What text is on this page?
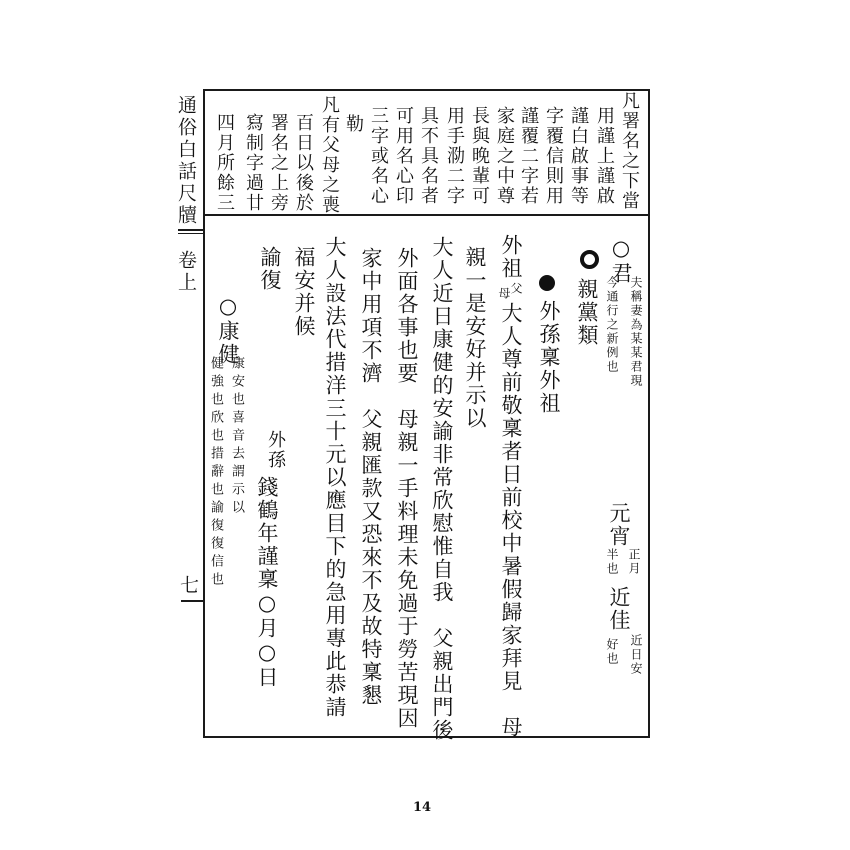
通俗白話尺牘
卷上
七
凡署名之下當
用謹上謹啟
謹白啟事等
字覆信則用
謹覆二字若
家庭之中尊
長與晚輩可
用手泐二字
具不具名者
可用名心印
三字或名心
勒
凡有父母之喪
百日以後於
署名之上旁
寫制字過廿
四月所餘三
○君
夫稱妻為某某君現
今通行之新例也
元宵
正月
半也
近佳
近日安
好也
親黨類
外孫稟外祖
外祖
父
母
大人尊前敬稟者日前校中暑假歸家拜見　母
親一是安好并示以
大人近日康健的安諭非常欣慰惟自我　父親出門後
外面各事也要　母親一手料理未免過于勞苦現因
家中用項不濟　父親匯款又恐來不及故特稟懇
大人設法代措洋三十元以應目下的急用專此恭請
福安并候
諭復
外孫
錢鶴年謹稟○月○日
○康健
康安也喜音去謂示以
健強也欣也措辭也諭復復信也
14
